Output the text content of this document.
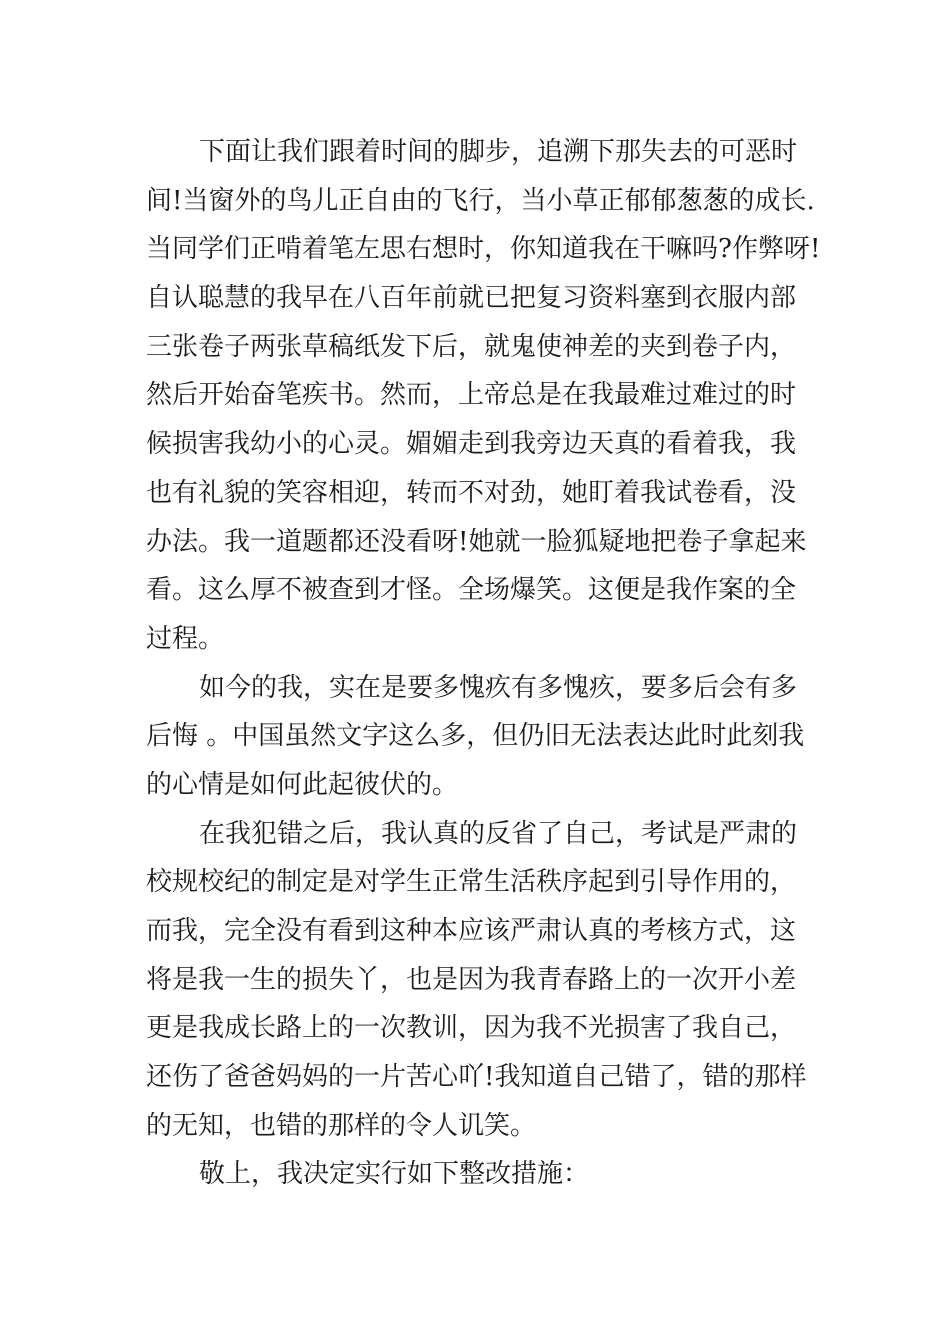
下面让我们跟着时间的脚步，追溯下那失去的可恶时
间!当窗外的鸟儿正自由的飞行，当小草正郁郁葱葱的成长.
当同学们正啃着笔左思右想时，你知道我在干嘛吗?作弊呀!
自认聪慧的我早在八百年前就已把复习资料塞到衣服内部
三张卷子两张草稿纸发下后，就鬼使神差的夹到卷子内，
然后开始奋笔疾书。然而，上帝总是在我最难过难过的时
候损害我幼小的心灵。媚媚走到我旁边天真的看着我，我
也有礼貌的笑容相迎，转而不对劲，她盯着我试卷看，没
办法。我一道题都还没看呀!她就一脸狐疑地把卷子拿起来
看。这么厚不被查到才怪。全场爆笑。这便是我作案的全
过程。
如今的我，实在是要多愧疚有多愧疚，要多后会有多
后悔 。中国虽然文字这么多，但仍旧无法表达此时此刻我
的心情是如何此起彼伏的。
在我犯错之后，我认真的反省了自己，考试是严肃的
校规校纪的制定是对学生正常生活秩序起到引导作用的，
而我，完全没有看到这种本应该严肃认真的考核方式，这
将是我一生的损失丫，也是因为我青春路上的一次开小差
更是我成长路上的一次教训，因为我不光损害了我自己，
还伤了爸爸妈妈的一片苦心吖!我知道自己错了，错的那样
的无知，也错的那样的令人讥笑。
敬上，我决定实行如下整改措施：
